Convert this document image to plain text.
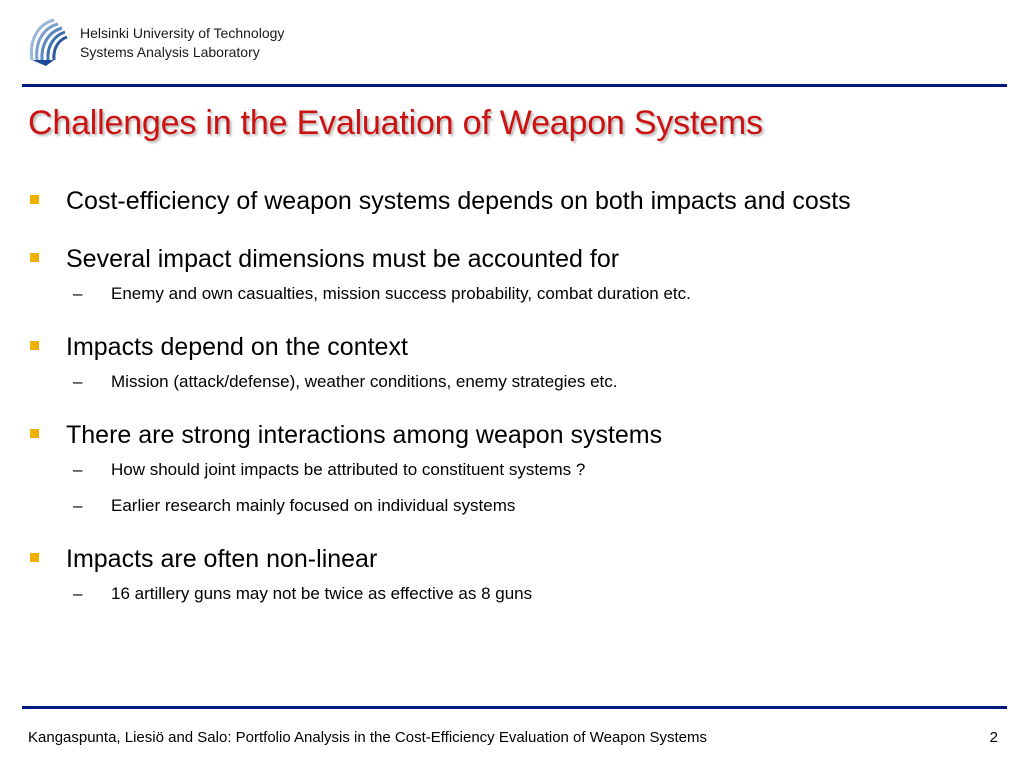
Helsinki University of Technology
Systems Analysis Laboratory
Challenges in the Evaluation of Weapon Systems
Cost-efficiency of weapon systems depends on both impacts and costs
Several impact dimensions must be accounted for
– Enemy and own casualties, mission success probability, combat duration etc.
Impacts depend on the context
– Mission (attack/defense), weather conditions, enemy strategies etc.
There are strong interactions among weapon systems
– How should joint impacts be attributed to constituent systems ?
– Earlier research mainly focused on individual systems
Impacts are often non-linear
– 16 artillery guns may not be twice as effective as 8 guns
Kangaspunta, Liesiö and Salo: Portfolio Analysis in the Cost-Efficiency Evaluation of Weapon Systems	2
